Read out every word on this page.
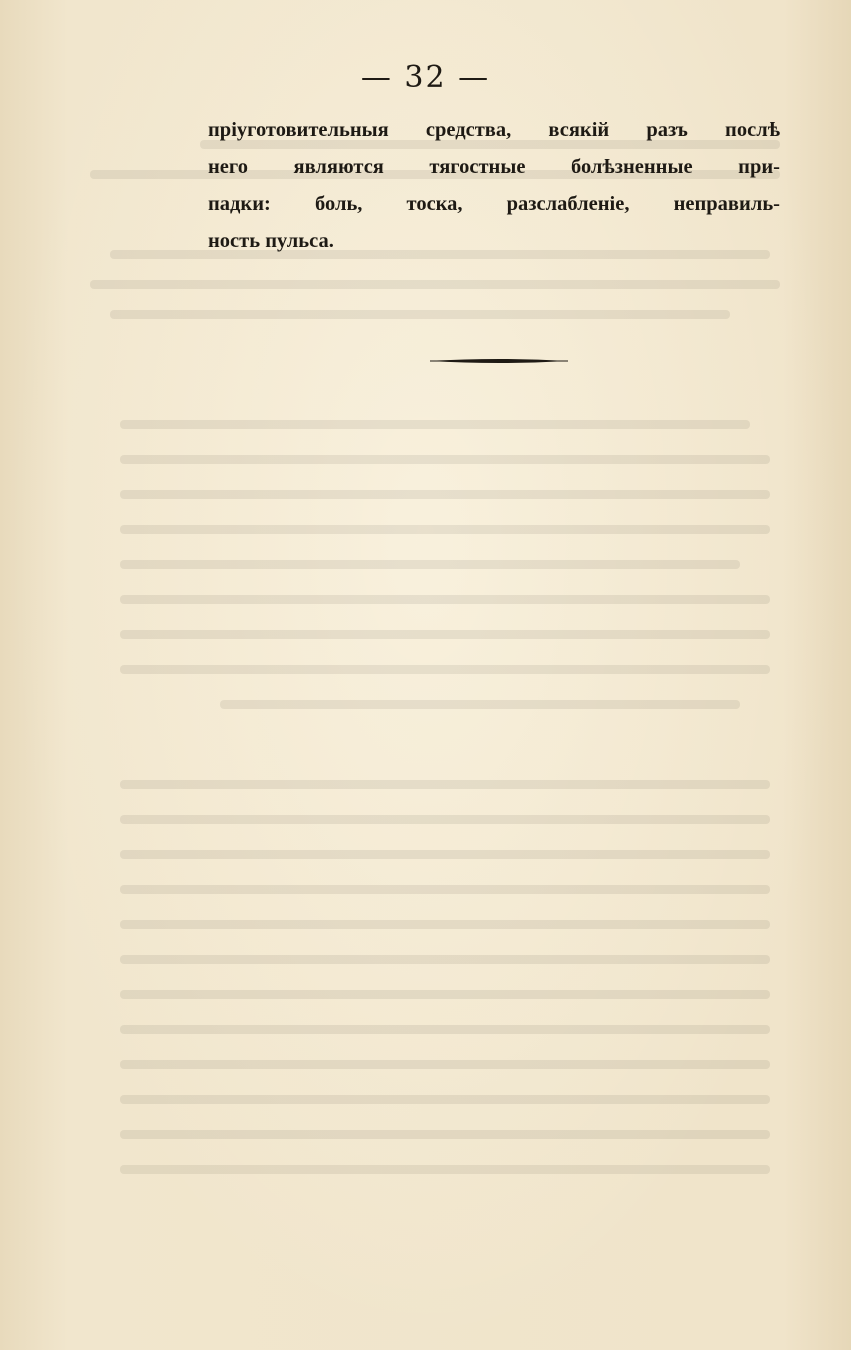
— 32 —
прiуготовительныя средства, всякiй разъ послѣ
него являются тягостные болѣзненные при-
падки: боль, тоска, разслабленiе, неправиль-
ность пульса.
